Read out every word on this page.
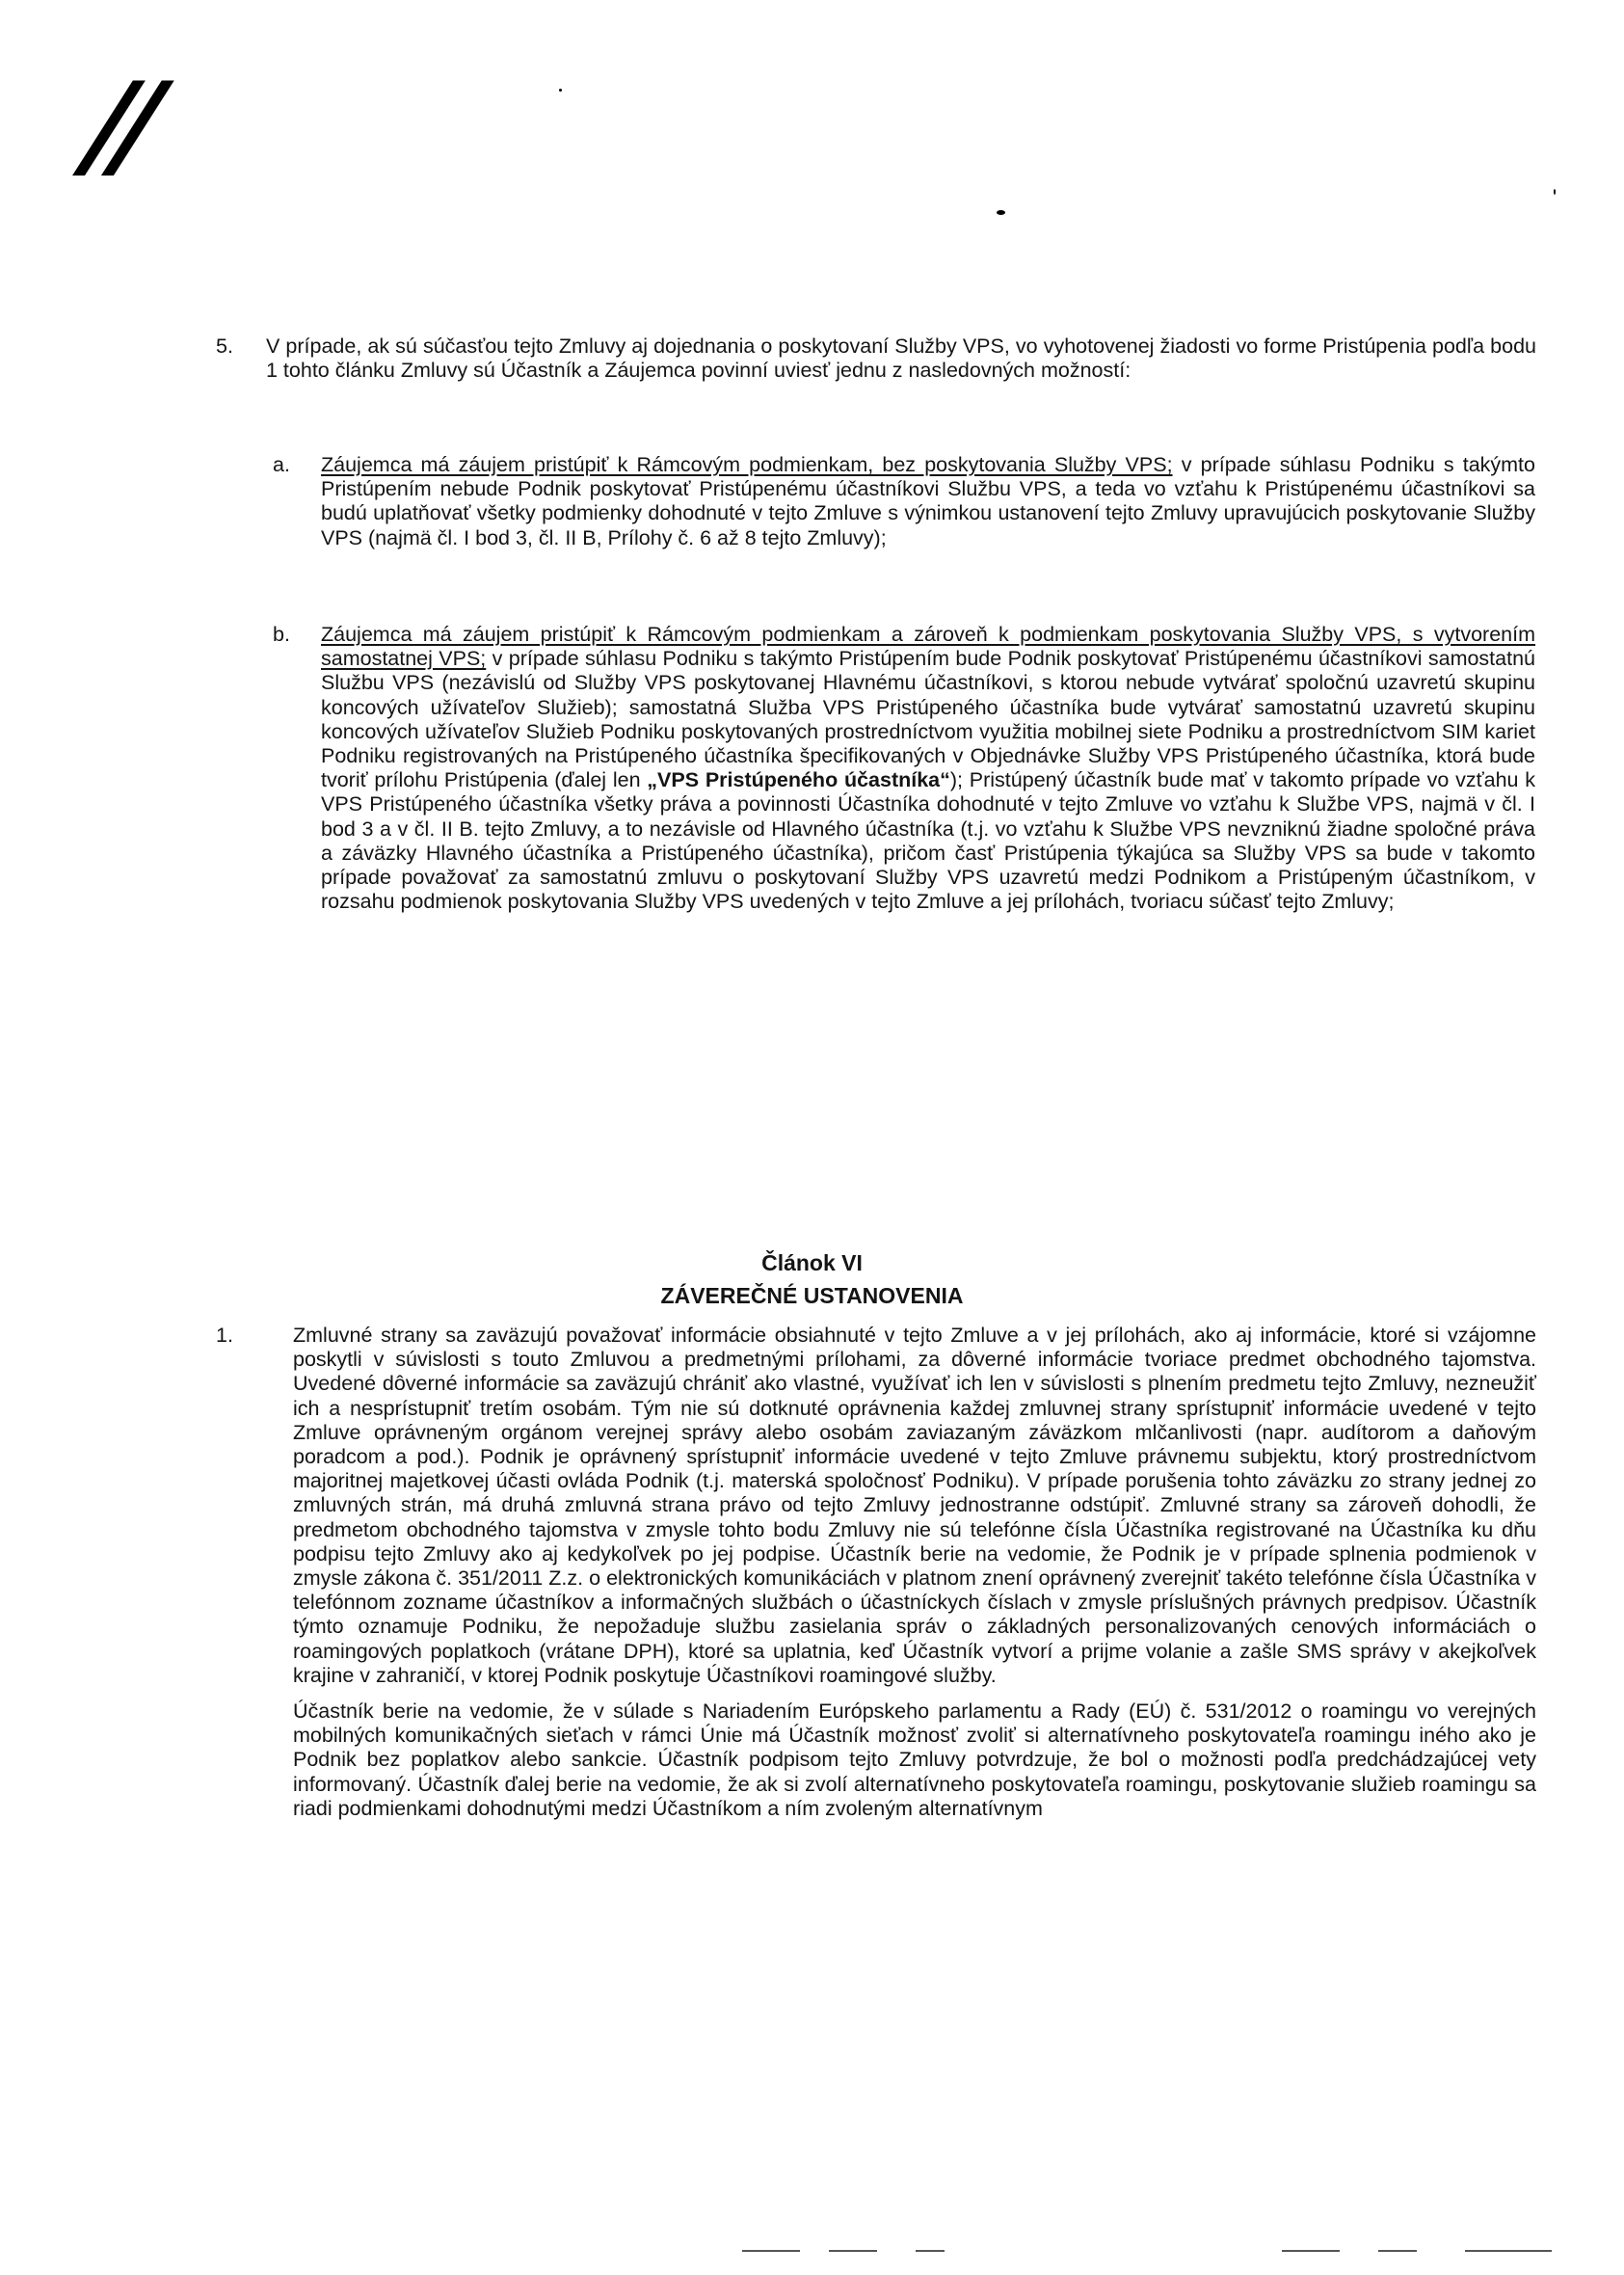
//
5. V prípade, ak sú súčasťou tejto Zmluvy aj dojednania o poskytovaní Služby VPS, vo vyhotovenej žiadosti vo forme Pristúpenia podľa bodu 1 tohto článku Zmluvy sú Účastník a Záujemca povinní uviesť jednu z nasledovných možností:

a. Záujemca má záujem pristúpiť k Rámcovým podmienkam, bez poskytovania Služby VPS; v prípade súhlasu Podniku s takýmto Pristúpením nebude Podnik poskytovať Pristúpenému účastníkovi Službu VPS, a teda vo vzťahu k Pristúpenému účastníkovi sa budú uplatňovať všetky podmienky dohodnuté v tejto Zmluve s výnimkou ustanovení tejto Zmluvy upravujúcich poskytovanie Služby VPS (najmä čl. I bod 3, čl. II B, Prílohy č. 6 až 8 tejto Zmluvy);

b. Záujemca má záujem pristúpiť k Rámcovým podmienkam a zároveň k podmienkam poskytovania Služby VPS, s vytvorením samostatnej VPS; v prípade súhlasu Podniku s takýmto Pristúpením bude Podnik poskytovať Pristúpenému účastníkovi samostatnú Službu VPS (nezávislú od Služby VPS poskytovanej Hlavnému účastníkovi, s ktorou nebude vytvárať spoločnú uzavretú skupinu koncových užívateľov Služieb); samostatná Služba VPS Pristúpeného účastníka bude vytvárať samostatnú uzavretú skupinu koncových užívateľov Služieb Podniku poskytovaných prostredníctvom využitia mobilnej siete Podniku a prostredníctvom SIM kariet Podniku registrovaných na Pristúpeného účastníka špecifikovaných v Objednávke Služby VPS Pristúpeného účastníka, ktorá bude tvoriť prílohu Pristúpenia (ďalej len „VPS Pristúpeného účastníka“); Pristúpený účastník bude mať v takomto prípade vo vzťahu k VPS Pristúpeného účastníka všetky práva a povinnosti Účastníka dohodnuté v tejto Zmluve vo vzťahu k Službe VPS, najmä v čl. I bod 3 a v čl. II B. tejto Zmluvy, a to nezávisle od Hlavného účastníka (t.j. vo vzťahu k Službe VPS nevzniknú žiadne spoločné práva a záväzky Hlavného účastníka a Pristúpeného účastníka), pričom časť Pristúpenia týkajúca sa Služby VPS sa bude v takomto prípade považovať za samostatnú zmluvu o poskytovaní Služby VPS uzavretú medzi Podnikom a Pristúpeným účastníkom, v rozsahu podmienok poskytovania Služby VPS uvedených v tejto Zmluve a jej prílohách, tvoriacu súčasť tejto Zmluvy;

Článok VI
ZÁVEREČNÉ USTANOVENIA
1.	Zmluvné strany sa zaväzujú považovať informácie obsiahnuté v tejto Zmluve a v jej prílohách, ako aj informácie, ktoré si vzájomne poskytli v súvislosti s touto Zmluvou a predmetnými prílohami, za dôverné informácie tvoriace predmet obchodného tajomstva. Uvedené dôverné informácie sa zaväzujú chrániť ako vlastné, využívať ich len v súvislosti s plnením predmetu tejto Zmluvy, nezneužiť ich a nesprístupniť tretím osobám. Tým nie sú dotknuté oprávnenia každej zmluvnej strany sprístupniť informácie uvedené v tejto Zmluve oprávneným orgánom verejnej správy alebo osobám zaviazaným záväzkom mlčanlivosti (napr. audítorom a daňovým poradcom a pod.). Podnik je oprávnený sprístupniť informácie uvedené v tejto Zmluve právnemu subjektu, ktorý prostredníctvom majoritnej majetkovej účasti ovláda Podnik (t.j. materská spoločnosť Podniku). V prípade porušenia tohto záväzku zo strany jednej zo zmluvných strán, má druhá zmluvná strana právo od tejto Zmluvy jednostranne odstúpiť. Zmluvné strany sa zároveň dohodli, že predmetom obchodného tajomstva v zmysle tohto bodu Zmluvy nie sú telefónne čísla Účastníka registrované na Účastníka ku dňu podpisu tejto Zmluvy ako aj kedykoľvek po jej podpise. Účastník berie na vedomie, že Podnik je v prípade splnenia podmienok v zmysle zákona č. 351/2011 Z.z. o elektronických komunikáciách v platnom znení oprávnený zverejniť takéto telefónne čísla Účastníka v telefónnom zozname účastníkov a informačných službách o účastníckych číslach v zmysle príslušných právnych predpisov. Účastník týmto oznamuje Podniku, že nepožaduje službu zasielania správ o základných personalizovaných cenových informáciách o roamingových poplatkoch (vrátane DPH), ktoré sa uplatnia, keď Účastník vytvorí a prijme volanie a zašle SMS správy v akejkoľvek krajine v zahraničí, v ktorej Podnik poskytuje Účastníkovi roamingové služby.

Účastník berie na vedomie, že v súlade s Nariadením Európskeho parlamentu a Rady (EÚ) č. 531/2012 o roamingu vo verejných mobilných komunikačných sieťach v rámci Únie má Účastník možnosť zvoliť si alternatívneho poskytovateľa roamingu iného ako je Podnik bez poplatkov alebo sankcie. Účastník podpisom tejto Zmluvy potvrdzuje, že bol o možnosti podľa predchádzajúcej vety informovaný. Účastník ďalej berie na vedomie, že ak si zvolí alternatívneho poskytovateľa roamingu, poskytovanie služieb roamingu sa riadi podmienkami dohodnutými medzi Účastníkom a ním zvoleným alternatívnym
